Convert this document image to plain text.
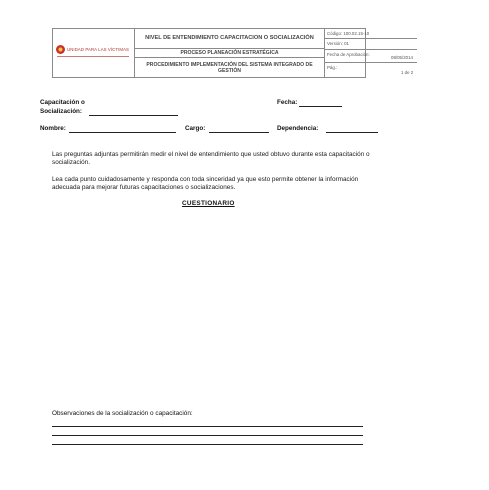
UNIDAD PARA LAS VÍCTIMAS
NIVEL DE ENTENDIMIENTO CAPACITACION O SOCIALIZACIÓN
PROCESO PLANEACIÓN ESTRATÉGICA
PROCEDIMIENTO IMPLEMENTACIÓN DEL SISTEMA INTEGRADO DE GESTIÓN
Código: 100.02.15-10
Versión: 01
Fecha de Aprobación:
08/05/2014
Pág.:
1 de 2
Capacitación o
Socialización:
Fecha:
Nombre:	Cargo:	Dependencia:
Las preguntas adjuntas permitirán medir el nivel de entendimiento que usted obtuvo durante esta capacitación o socialización.
Lea cada punto cuidadosamente y responda con toda sinceridad ya que esto permite obtener la información adecuada para mejorar futuras capacitaciones o socializaciones.
CUESTIONARIO
Observaciones de la socialización o capacitación:
